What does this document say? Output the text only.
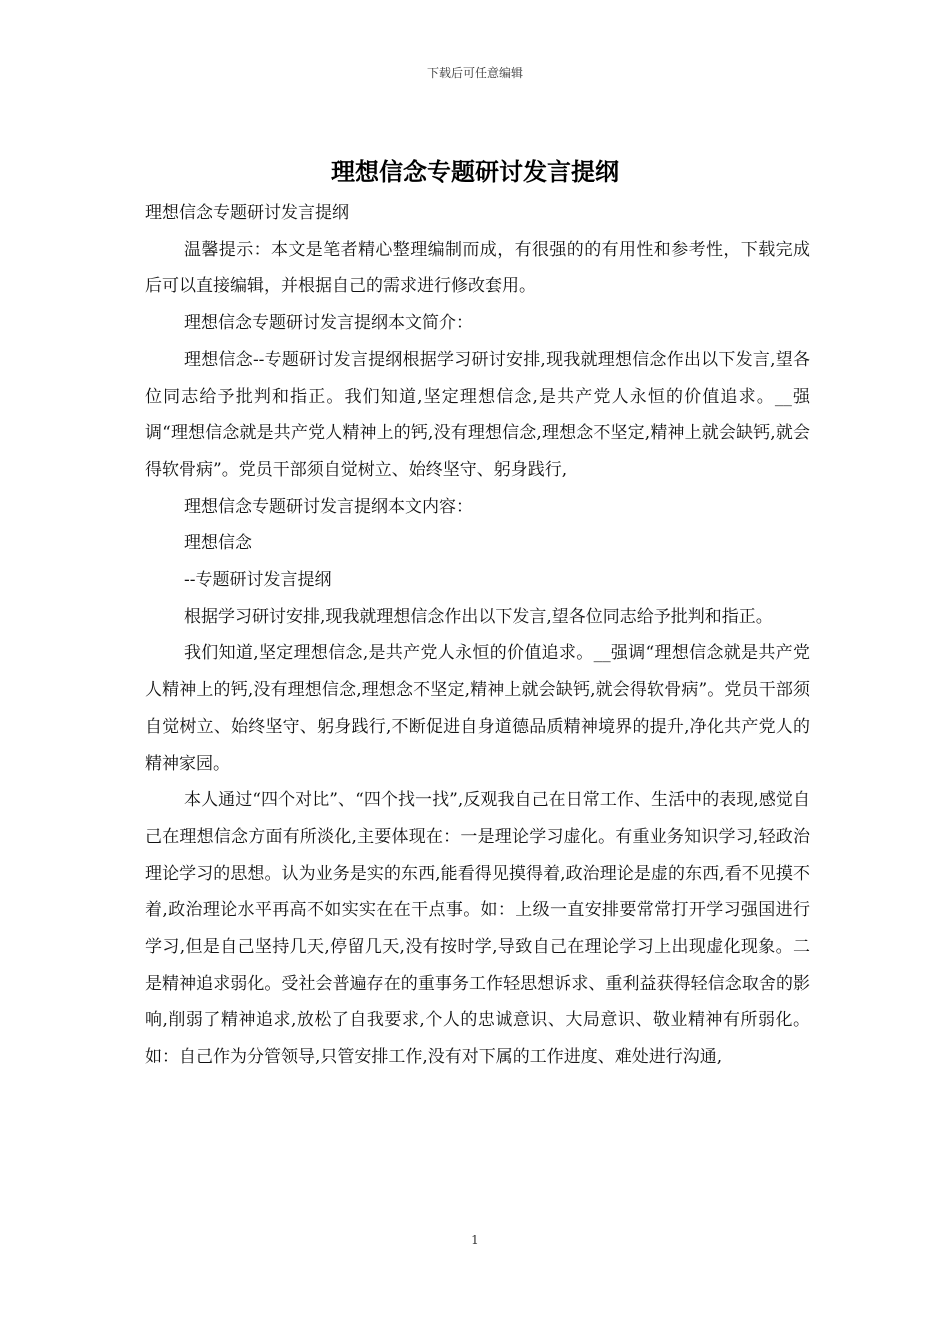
下载后可任意编辑
理想信念专题研讨发言提纲

理想信念专题研讨发言提纲

温馨提示：本文是笔者精心整理编制而成，有很强的的有用性和参考性，下载完成后可以直接编辑，并根据自己的需求进行修改套用。

理想信念专题研讨发言提纲本文简介：

理想信念--专题研讨发言提纲根据学习研讨安排,现我就理想信念作出以下发言,望各位同志给予批判和指正。我们知道,坚定理想信念,是共产党人永恒的价值追求。__强调“理想信念就是共产党人精神上的钙,没有理想信念,理想念不坚定,精神上就会缺钙,就会得软骨病”。党员干部须自觉树立、始终坚守、躬身践行,

理想信念专题研讨发言提纲本文内容：

理想信念

--专题研讨发言提纲

根据学习研讨安排,现我就理想信念作出以下发言,望各位同志给予批判和指正。

我们知道,坚定理想信念,是共产党人永恒的价值追求。__强调“理想信念就是共产党人精神上的钙,没有理想信念,理想念不坚定,精神上就会缺钙,就会得软骨病”。党员干部须自觉树立、始终坚守、躬身践行,不断促进自身道德品质精神境界的提升,净化共产党人的精神家园。

本人通过“四个对比”、“四个找一找”,反观我自己在日常工作、生活中的表现,感觉自己在理想信念方面有所淡化,主要体现在：一是理论学习虚化。有重业务知识学习,轻政治理论学习的思想。认为业务是实的东西,能看得见摸得着,政治理论是虚的东西,看不见摸不着,政治理论水平再高不如实实在在干点事。如：上级一直安排要常常打开学习强国进行学习,但是自己坚持几天,停留几天,没有按时学,导致自己在理论学习上出现虚化现象。二是精神追求弱化。受社会普遍存在的重事务工作轻思想诉求、重利益获得轻信念取舍的影响,削弱了精神追求,放松了自我要求,个人的忠诚意识、大局意识、敬业精神有所弱化。如：自己作为分管领导,只管安排工作,没有对下属的工作进度、难处进行沟通,

1
